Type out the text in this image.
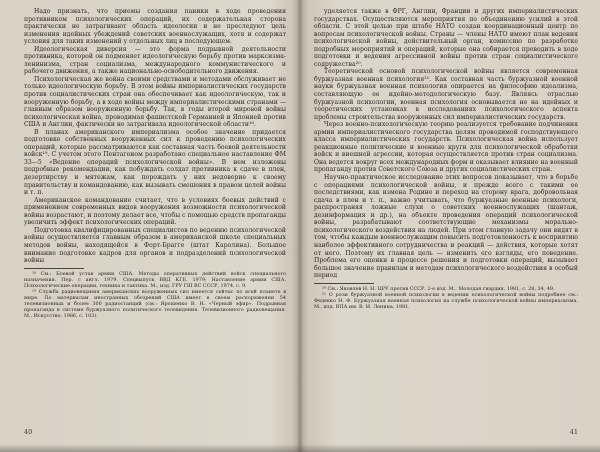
Надо признать, что приемы создания паники в ходе проведения противником психологических операций, их содержательная сторона практически не затрагивают область идеологии и не преследуют цель изменения идейных убеждений советских военнослужащих, хотя и содержат условия для таких изменений у отдельных лиц в последующем.

Идеологическая диверсия — это форма подрывной деятельности противника, которой он подменяет идеологическую борьбу против марксизма-ленинизма, стран социализма, международного коммунистического и рабочего движения, а также национально-освободительного движения.

Психологическая же война своими средствами и методами обслуживает не только идеологическую борьбу. В этом войны империалистических государств против социалистических стран она обеспечивает как идеологическую, так и вооруженную борьбу, а в ходе войны между империалистическими странами — главным образом вооруженную борьбу. Так, в годы второй мировой войны психологическая война, проводимая фашистской Германией и Японией против США и Англии, фактически не затрагивала идеологической области¹⁸.

В планах американского империализма особое значение придается подготовке собственных вооруженных сил к проведению психологических операций, которые рассматриваются как составная часть боевой деятельности войск¹⁹. С учетом этого Пентагоном разработано специальное наставление ФМ 33—5 «Ведение операций психологической войны». В нем изложены подробные рекомендации, как побуждать солдат противника к сдаче в плен, дезертирству и мятежам, как порождать у них недоверие к своему правительству и командованию, как вызывать смешения в правом целей войны и т. п.

Американское командование считает, что в условиях боевых действий с применением современных видов вооружения возможности психологической войны возрастают, и поэтому делает все, чтобы с помощью средств пропаганды увеличить эффект психологических операций.

Подготовка квалифицированных специалистов по ведению психологической войны осуществляется главным образом в американской школе специальных методов войны, находящейся в Форт-Брагге (штат Каролина). Большое внимание подготовке кадров для органов и подразделений психологической войны

¹⁸ См.: Боевой устав армии США. Методы оперативных действий войск специального назначения. Пер. с англ. 1979. Спецвыпуск ВВД КГБ. 1979; Наставление армии США. Психологические операции, техника и тактика. М., изд. ГРУ ГШ ВС СССР, 1974, с. 9.

¹⁹ Служба радиовещания американских вооруженных сил имеется сейчас по всей планете в мире. По материалам иностранных обозрений США имеет в своем распоряжении 54 телевизионных и более 300 радиостанций (см.: Ярошенко В. Н. «Черный эфир». Подрывная пропаганда в системе буржуазного политического телевидения. Телевизионного радиовещания. М., Искусство, 1986, с. 103).

40

уделяется также в ФРГ, Англии, Франции и других империалистических государствах. Осуществляются мероприятия по объединению усилий в этой области. С этой целью при штабе НАТО создан координационный центр по вопросам психологической войны. Страны — члены НАТО имеют план ведения психологической войны, действительный орган, комиссию по разработке подробных мероприятий и операций, которые она собирается проводить в ходе подготовки и ведения агрессивной войны против стран социалистического содружества²⁰.

Теоретической основой психологической войны является современная буржуазная военная психология²¹. Как составная часть буржуазной военной науки буржуазная военная психология опирается на философию идеализма, составляющую ее идейно-методологическую базу. Являясь отраслью буржуазной психологии, военная психология основывается не на идейных и теоретических установках в исследованиях психологического аспекта проблемы строительства вооруженных сил империалистических государств.

Через военно-психологическую теорию реализуется требование подчинения армии империалистического государства целям проводимой господствующего класса империалистических государств. Психологическая война использует реакционные политические и военные круги для психологической обработки войск и внешней агрессии, которая осуществляется против стран социализма. Она ведется вокруг всех международных форм и оказывает влияние на военный пропаганду против Советского Союза и других социалистических стран.

Научно-практическое исследование этих вопросов показывает, что в борьбе с операциями психологической войны, и прежде всего с такими ее последствиями, как измена Родине и переход на сторону врага, добровольная сдача в плен и т. п., важно учитывать, что буржуазные военные психологи, распространяя ложные слухи о советских военнослужащих (шантаж, дезинформация и др.), на объекте проведения операций психологической войны, разрабатывают соответствующие механизмы морально-психологического воздействия на людей. При этом главную задачу они видят в том, чтобы каждым военнослужащим повысить подготовленность к восприятию наиболее эффективного сотрудничества и реакций — действия, которые хотят от него. Поэтому их главная цель — изменить его взгляды, его поведение. Проблема его оценки в процессе решения и подготовки операций, вызывает большое значение правилам и методам психологического воздействия в особый период

²⁰ См.: Яковлев Н. Н. ЦРУ против СССР. 2-е изд. М., Молодая гвардия, 1981, с. 28, 34, 49.

²¹ О роли буржуазной военной психологии в ведении психологической войны подробнее см.: Федекко Н. Ф. Буржуазная военная психология на службе психологической войны империализма. М., изд. ВПА им. В. И. Ленина, 1981.

41
